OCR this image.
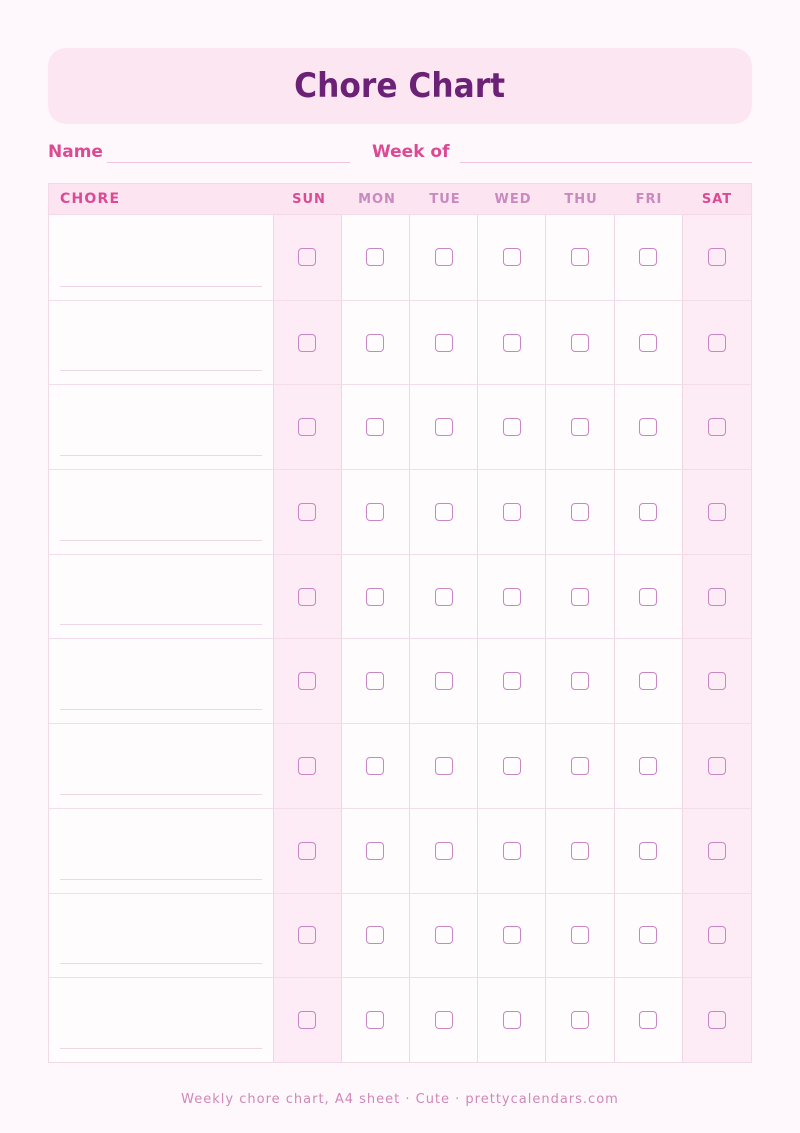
Chore Chart
Name	Week of
CHORE	SUN	MON	TUE	WED	THU	FRI	SAT
Weekly chore chart, A4 sheet · Cute · prettycalendars.com
